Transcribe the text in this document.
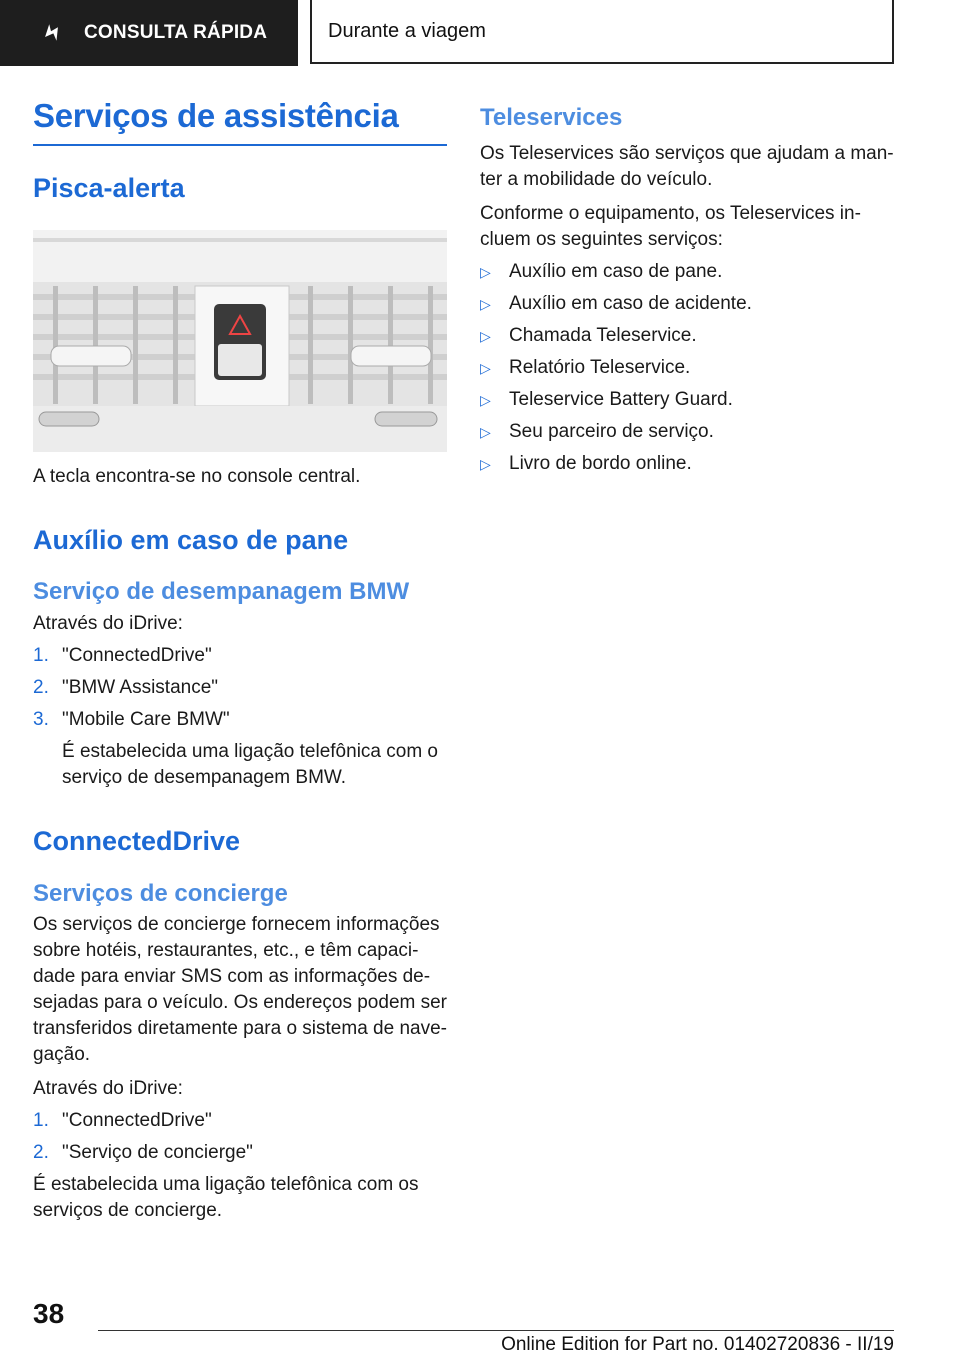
CONSULTA RÁPIDA	Durante a viagem
Serviços de assistência
Pisca-alerta

A tecla encontra-se no console central.

Auxílio em caso de pane
Serviço de desempanagem BMW

Através do iDrive:

1. "ConnectedDrive"
2. "BMW Assistance"
3. "Mobile Care BMW"

É estabelecida uma ligação telefônica com o serviço de desempanagem BMW.

ConnectedDrive
Serviços de concierge

Os serviços de concierge fornecem informações sobre hotéis, restaurantes, etc., e têm capacidade para enviar SMS com as informações desejadas para o veículo. Os endereços podem ser transferidos diretamente para o sistema de navegação.

Através do iDrive:

1. "ConnectedDrive"
2. "Serviço de concierge"

É estabelecida uma ligação telefônica com os serviços de concierge.

Teleservices

Os Teleservices são serviços que ajudam a manter a mobilidade do veículo.

Conforme o equipamento, os Teleservices incluem os seguintes serviços:

▷ Auxílio em caso de pane.
▷ Auxílio em caso de acidente.
▷ Chamada Teleservice.
▷ Relatório Teleservice.
▷ Teleservice Battery Guard.
▷ Seu parceiro de serviço.
▷ Livro de bordo online.
38
Online Edition for Part no. 01402720836 - II/19
